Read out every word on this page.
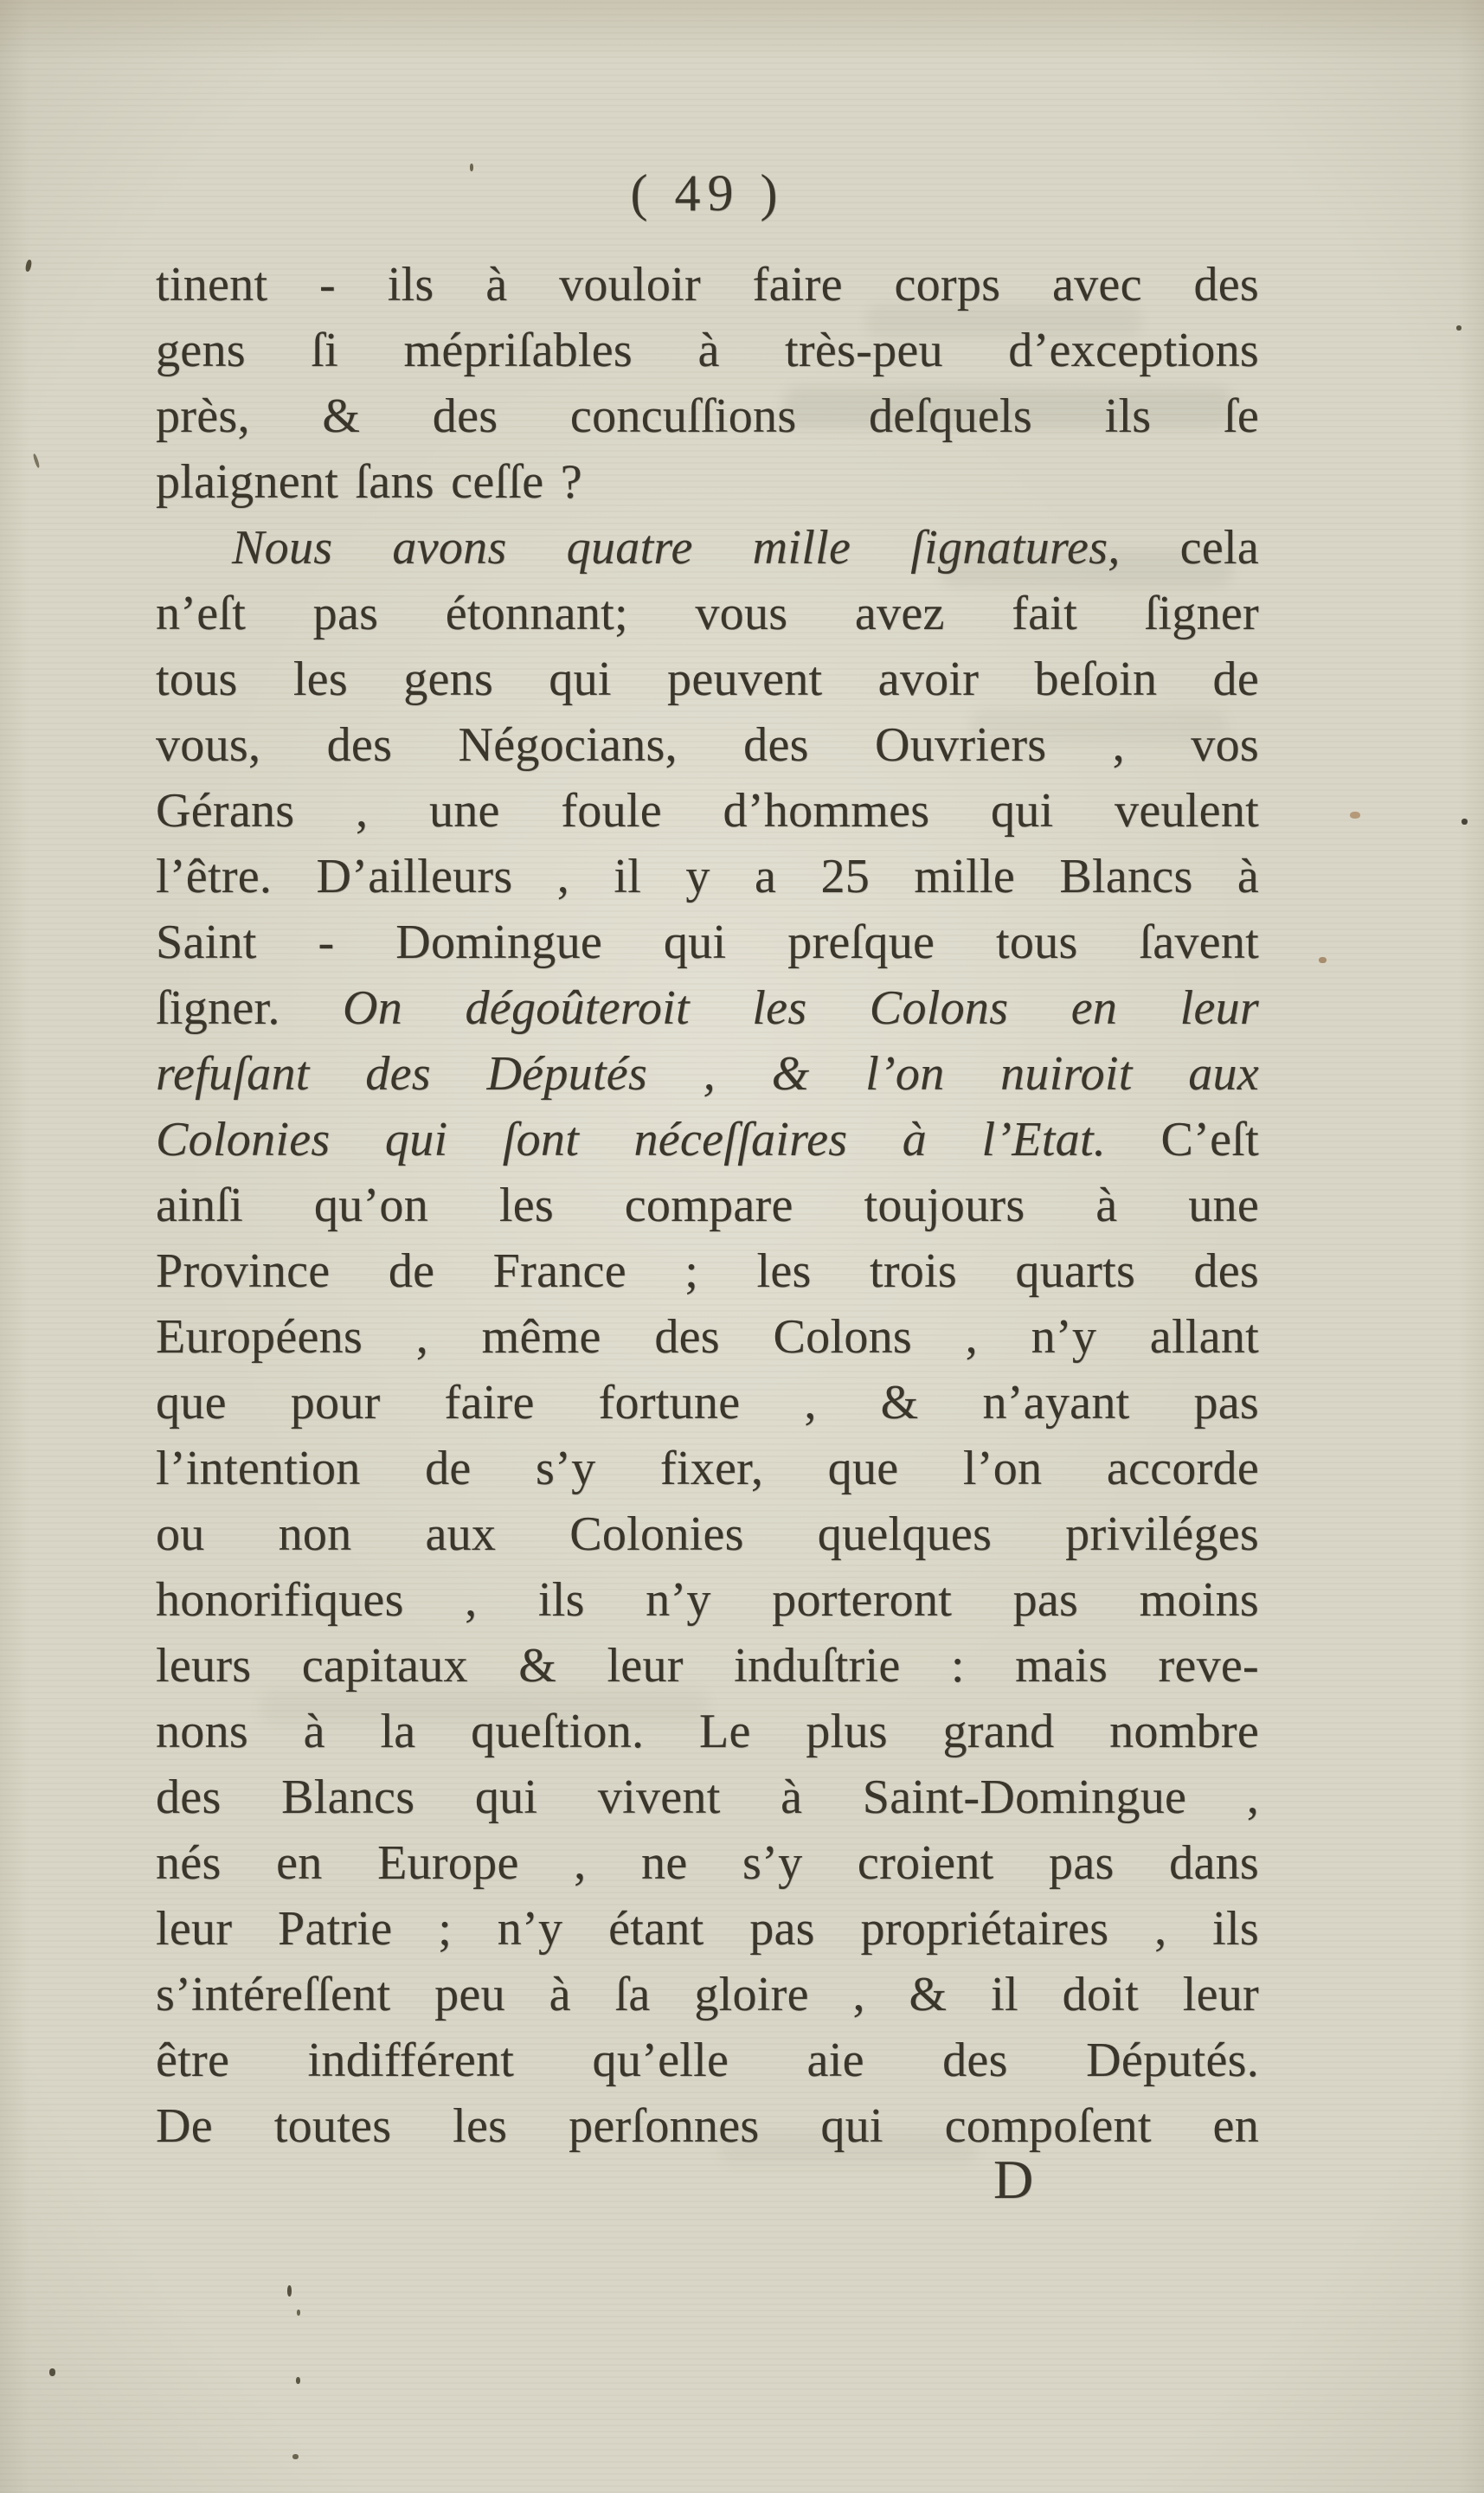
( 49 )

tinent - ils à vouloir faire corps avec des

gens ſi mépriſables à très-peu d’exceptions

près, & des concuſſions deſquels ils ſe

plaignent ſans ceſſe ?

Nous avons quatre mille ſignatures, cela

n’eſt pas étonnant; vous avez fait ſigner

tous les gens qui peuvent avoir beſoin de

vous, des Négocians, des Ouvriers , vos

Gérans , une foule d’hommes qui veulent

l’être. D’ailleurs , il y a 25 mille Blancs à

Saint - Domingue qui preſque tous ſavent

ſigner. On dégoûteroit les Colons en leur

refuſant des Députés , & l’on nuiroit aux

Colonies qui ſont néceſſaires à l’Etat. C’eſt

ainſi qu’on les compare toujours à une

Province de France ; les trois quarts des

Européens , même des Colons , n’y allant

que pour faire fortune , & n’ayant pas

l’intention de s’y fixer, que l’on accorde

ou non aux Colonies quelques priviléges

honorifiques , ils n’y porteront pas moins

leurs capitaux & leur induſtrie : mais reve-

nons à la queſtion. Le plus grand nombre

des Blancs qui vivent à Saint-Domingue ,

nés en Europe , ne s’y croient pas dans

leur Patrie ; n’y étant pas propriétaires , ils

s’intéreſſent peu à ſa gloire , & il doit leur

être indifférent qu’elle aie des Députés.

De toutes les perſonnes qui compoſent en

D
